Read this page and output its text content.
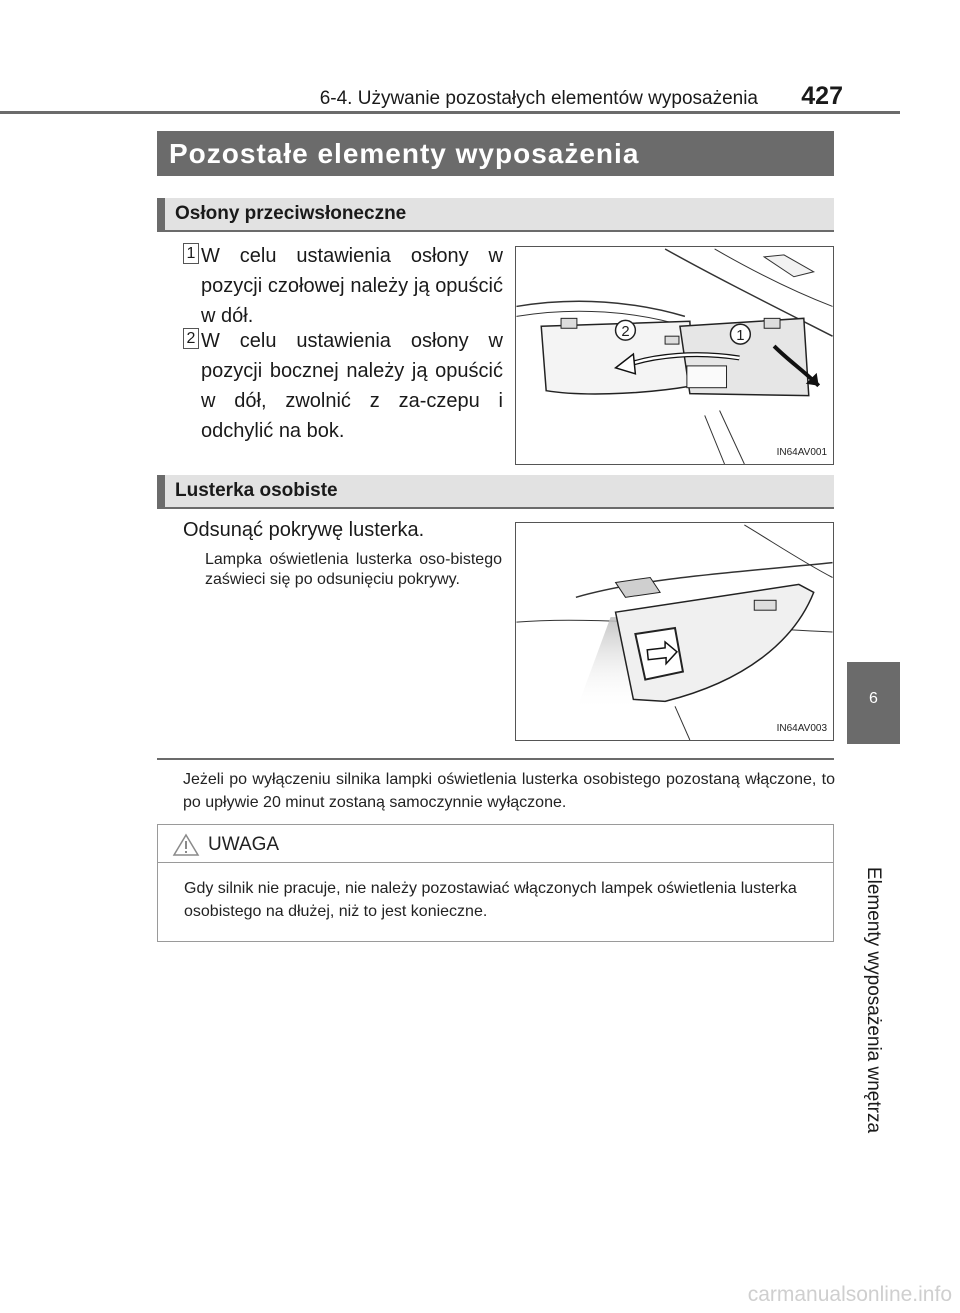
6-4. Używanie pozostałych elementów wyposażenia 427
6
Elementy wyposażenia wnętrza
Pozostałe elementy wyposażenia
Osłony przeciwsłoneczne
1 W celu ustawienia osłony w pozycji czołowej należy ją opuścić w dół.
2 W celu ustawienia osłony w pozycji bocznej należy ją opuścić w dół, zwolnić z za-czepu i odchylić na bok.
2	1
IN64AV001
Lusterka osobiste
Odsunąć pokrywę lusterka.
Lampka oświetlenia lusterka oso-bistego zaświeci się po odsunięciu pokrywy.
IN64AV003
Jeżeli po wyłączeniu silnika lampki oświetlenia lusterka osobistego pozostaną włączone, to po upływie 20 minut zostaną samoczynnie wyłączone.
UWAGA
Gdy silnik nie pracuje, nie należy pozostawiać włączonych lampek oświetlenia lusterka osobistego na dłużej, niż to jest konieczne.
carmanualsonline.info
